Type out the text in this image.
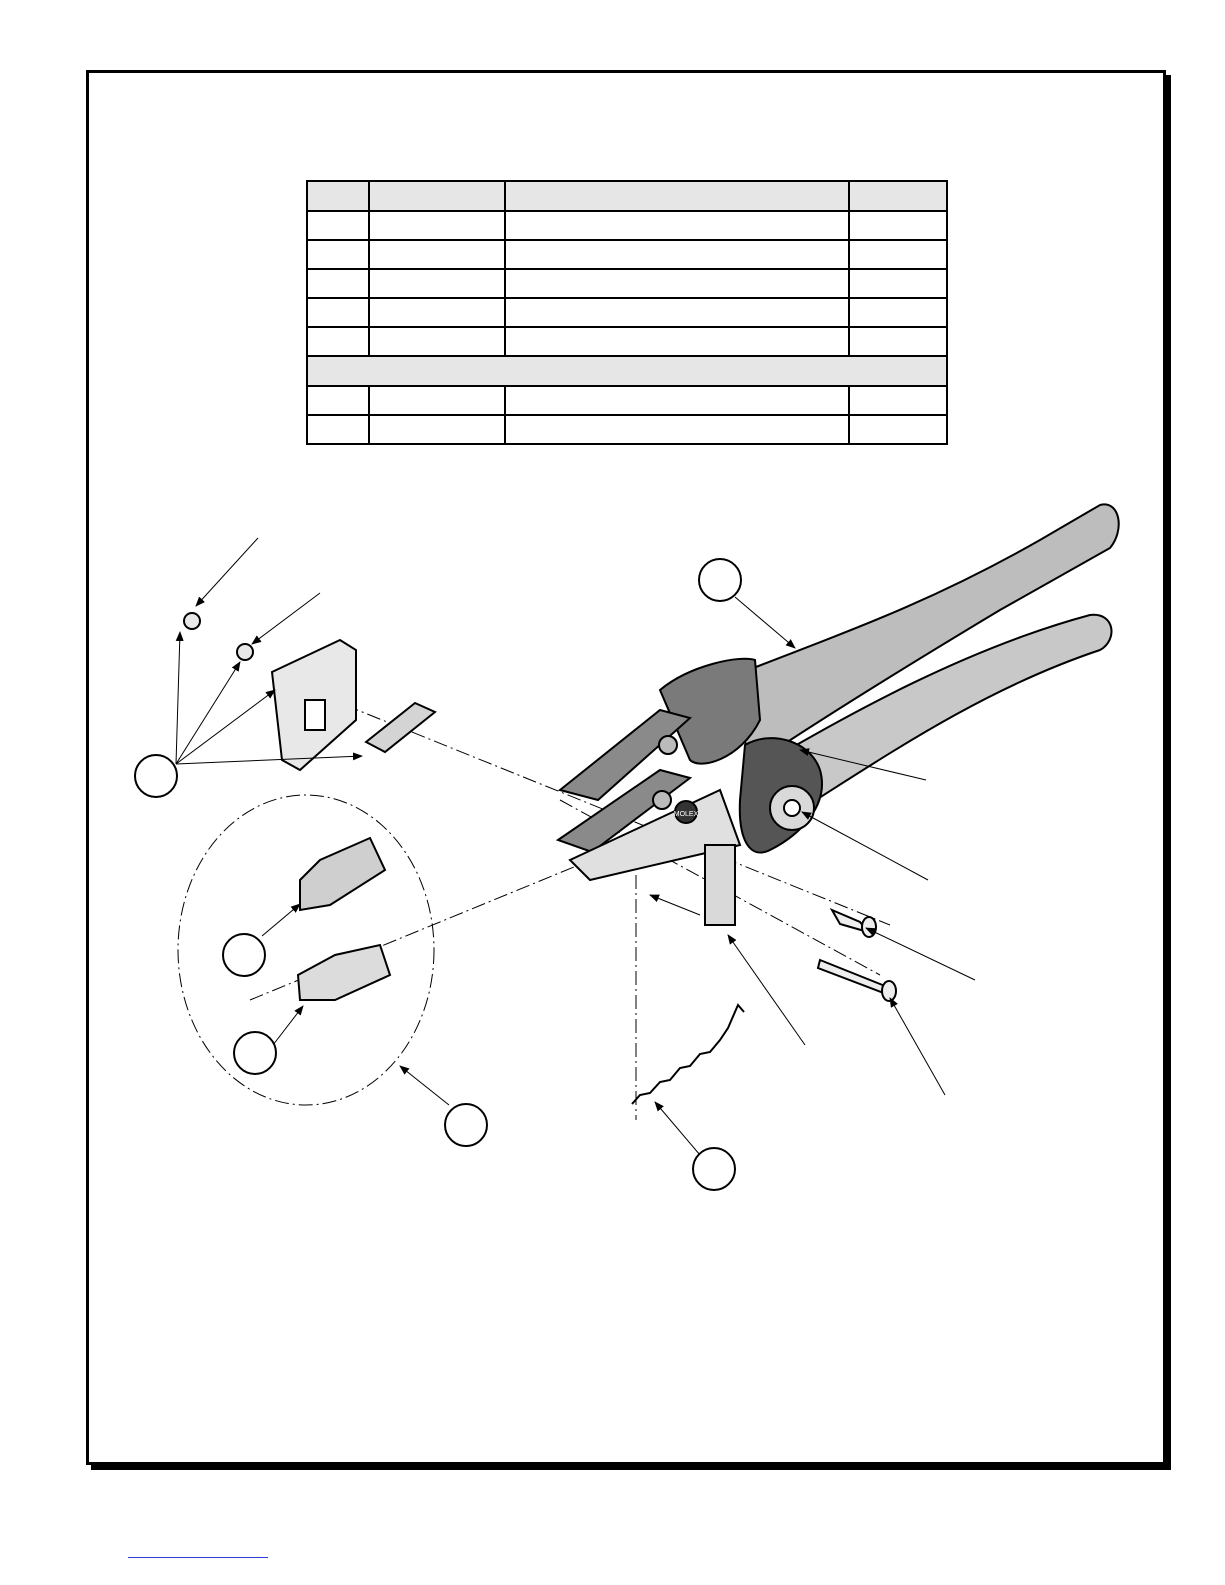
MOLEX
